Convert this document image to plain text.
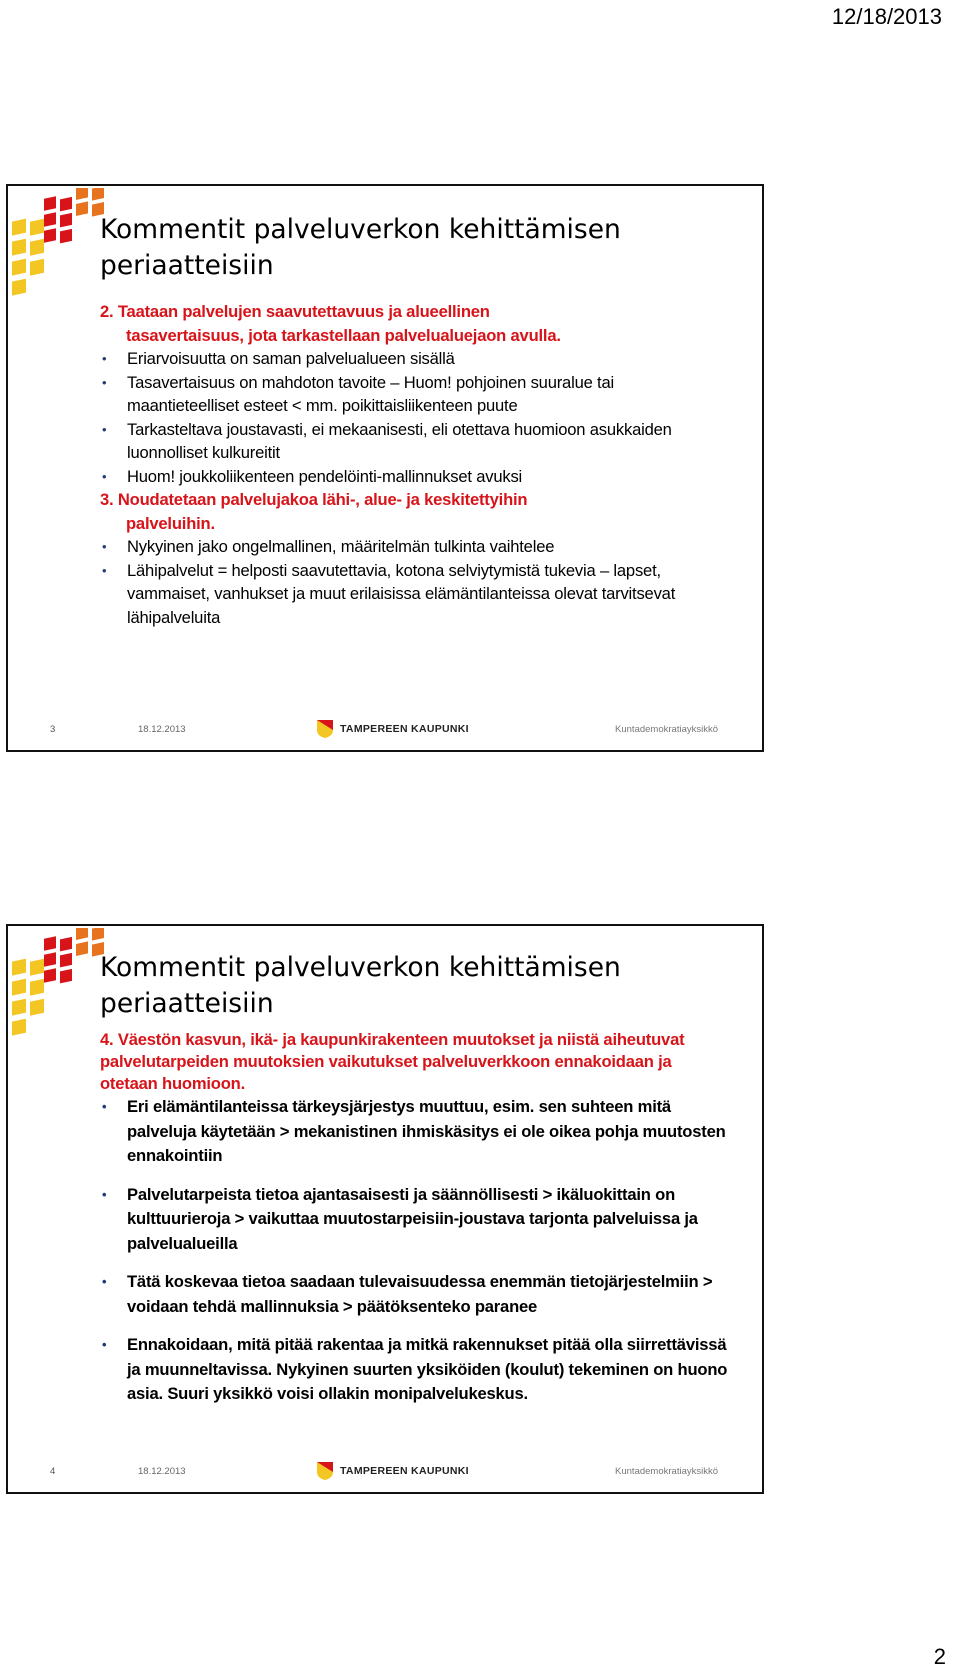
12/18/2013
Kommentit palveluverkon kehittämisen
periaatteisiin
2. Taataan palvelujen saavutettavuus ja alueellinen
tasavertaisuus, jota tarkastellaan palvelualuejaon avulla.
• Eriarvoisuutta on saman palvelualueen sisällä
• Tasavertaisuus on mahdoton tavoite – Huom! pohjoinen suuralue tai maantieteelliset esteet < mm. poikittaisliikenteen puute
• Tarkasteltava joustavasti, ei mekaanisesti, eli otettava huomioon asukkaiden luonnolliset kulkureitit
• Huom! joukkoliikenteen pendelöinti-mallinnukset avuksi
3. Noudatetaan palvelujakoa lähi-, alue- ja keskitettyihin
palveluihin.
• Nykyinen jako ongelmallinen, määritelmän tulkinta vaihtelee
• Lähipalvelut = helposti saavutettavia, kotona selviytymistä tukevia – lapset, vammaiset, vanhukset ja muut erilaisissa elämäntilanteissa olevat tarvitsevat lähipalveluita
3	18.12.2013	TAMPEREEN KAUPUNKI	Kuntademokratiayksikkö
Kommentit palveluverkon kehittämisen
periaatteisiin
4. Väestön kasvun, ikä- ja kaupunkirakenteen muutokset ja niistä aiheutuvat palvelutarpeiden muutoksien vaikutukset palveluverkkoon ennakoidaan ja otetaan huomioon.
• Eri elämäntilanteissa tärkeysjärjestys muuttuu, esim. sen suhteen mitä palveluja käytetään > mekanistinen ihmiskäsitys ei ole oikea pohja muutosten ennakointiin
• Palvelutarpeista tietoa ajantasaisesti ja säännöllisesti > ikäluokittain on kulttuurieroja > vaikuttaa muutostarpeisiin-joustava tarjonta palveluissa ja palvelualueilla
• Tätä koskevaa tietoa saadaan tulevaisuudessa enemmän tietojärjestelmiin > voidaan tehdä mallinnuksia > päätöksenteko paranee
• Ennakoidaan, mitä pitää rakentaa ja mitkä rakennukset pitää olla siirrettävissä ja muunneltavissa. Nykyinen suurten yksiköiden (koulut) tekeminen on huono asia. Suuri yksikkö voisi ollakin monipalvelukeskus.
4	18.12.2013	TAMPEREEN KAUPUNKI	Kuntademokratiayksikkö
2
